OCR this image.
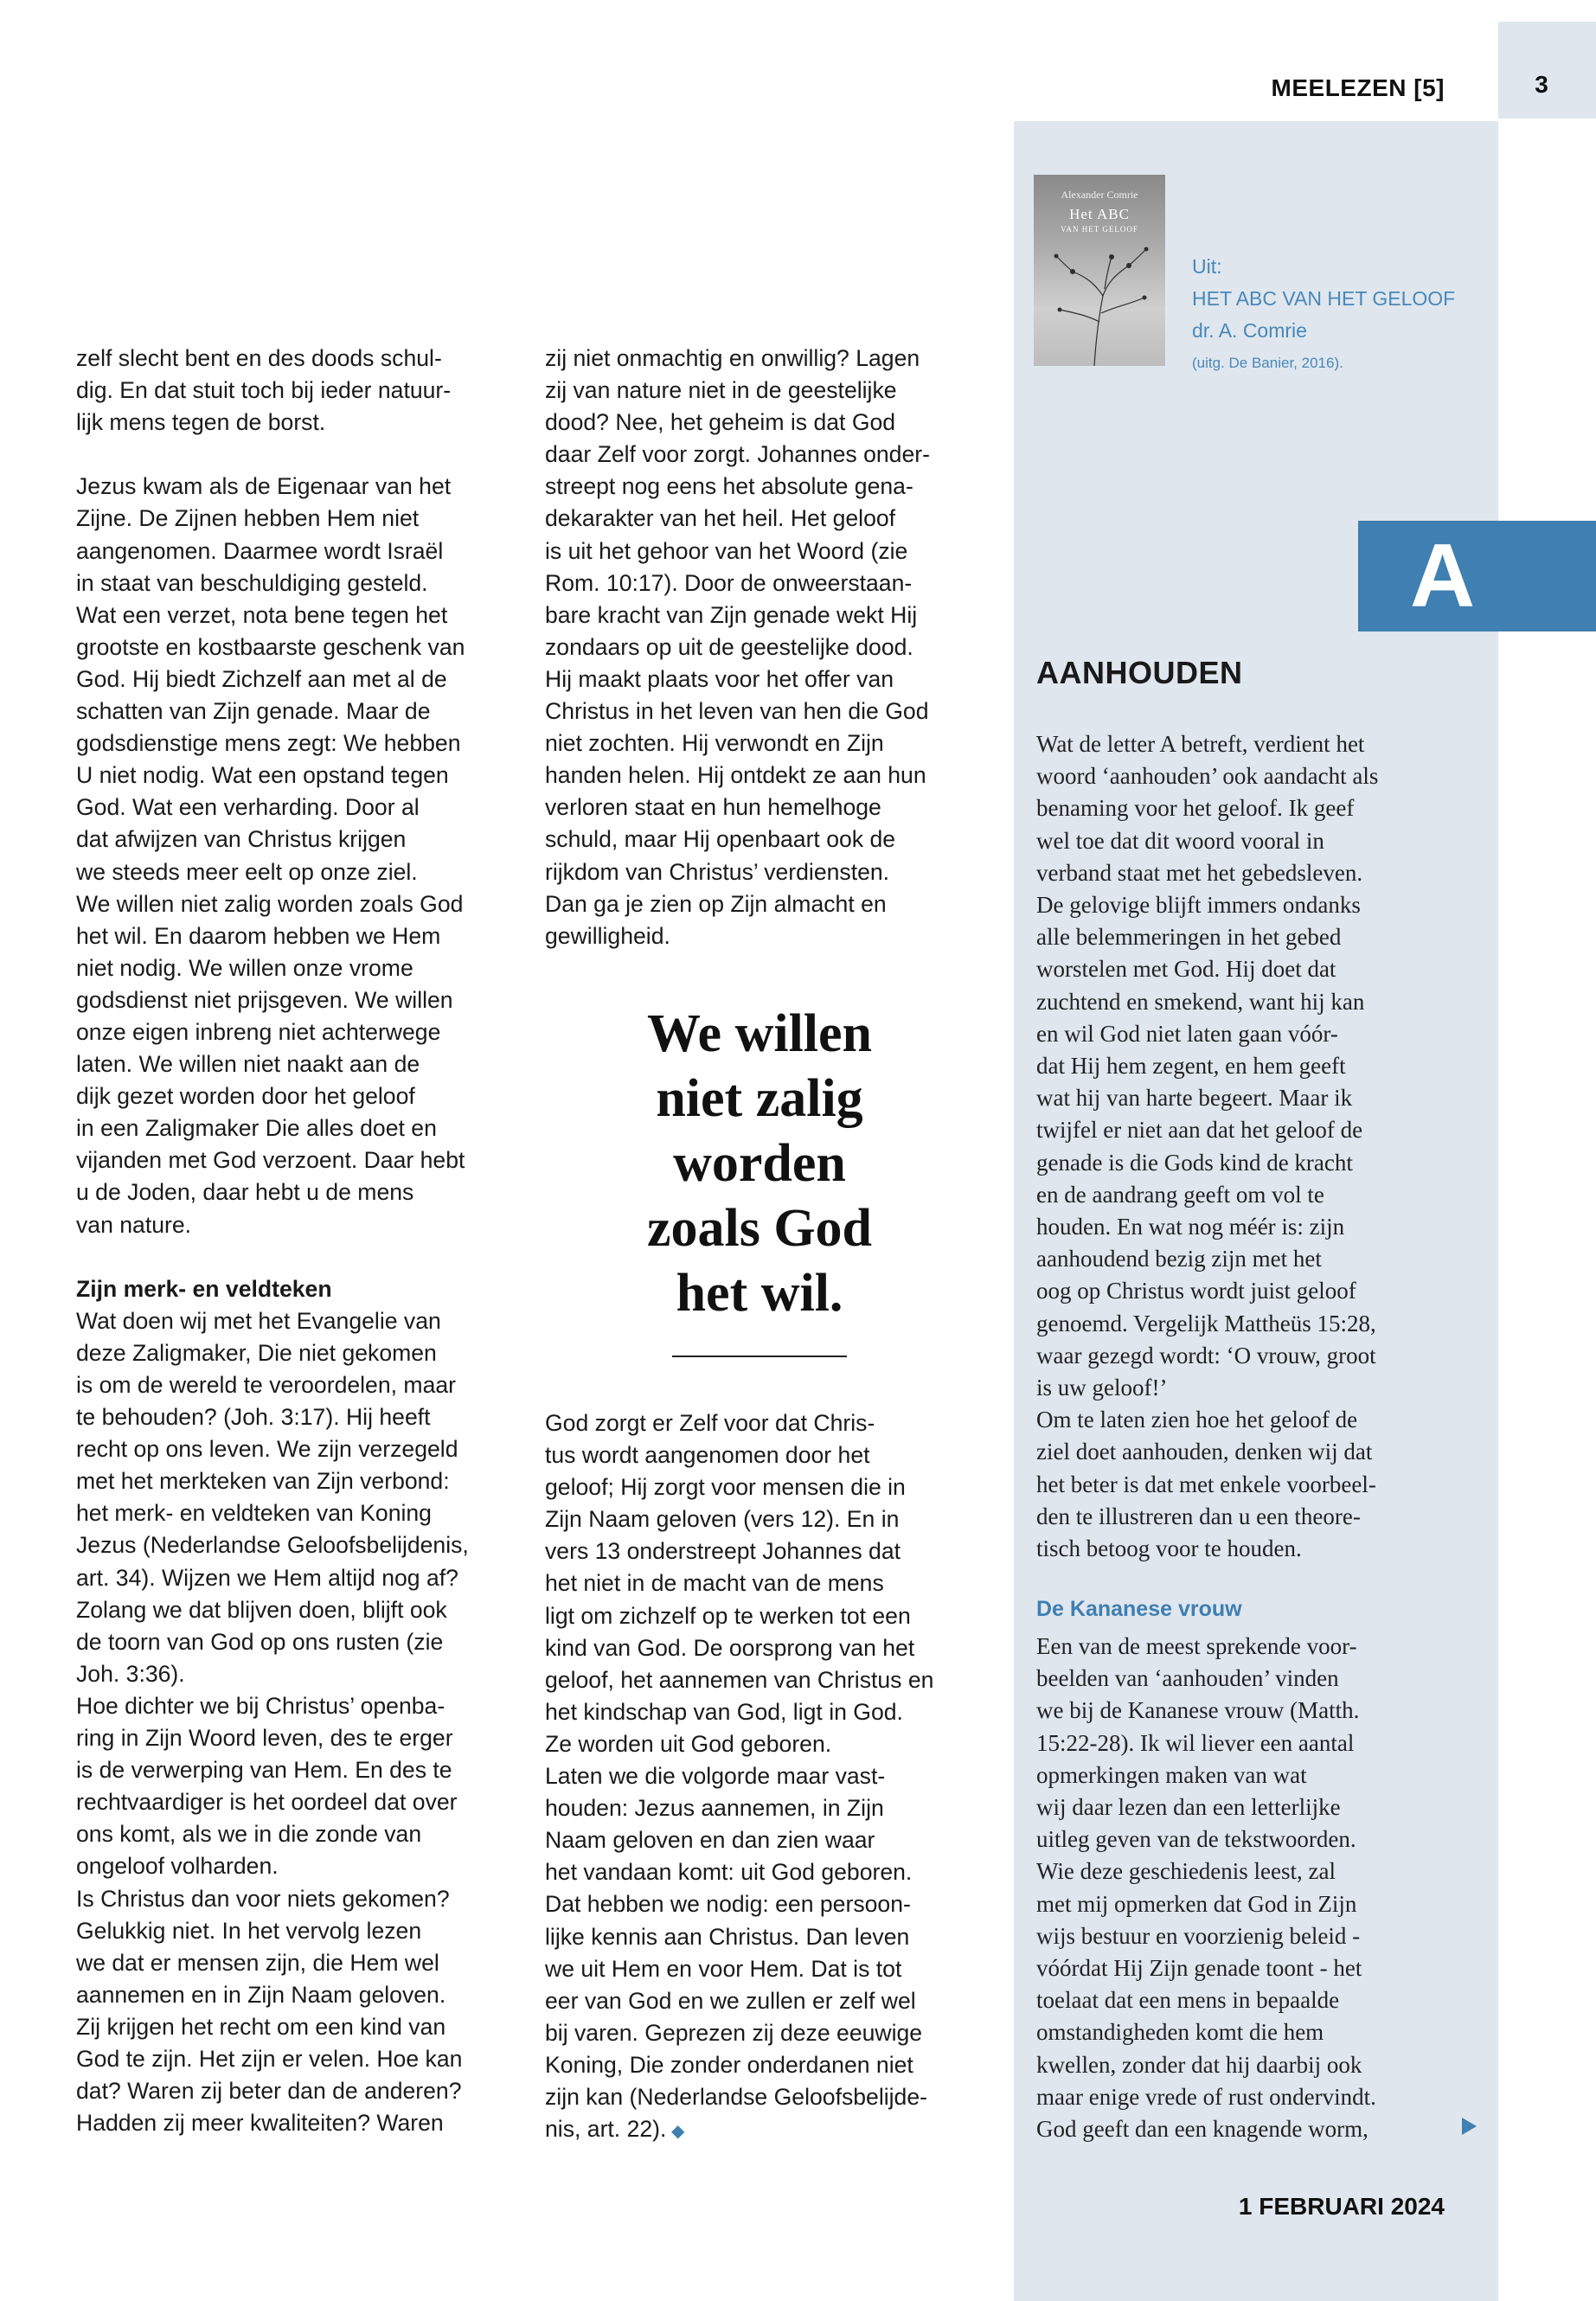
3
MEELEZEN [5]
Alexander Comrie
Het ABC
VAN HET GELOOF
Uit:
HET ABC VAN HET GELOOF
dr. A. Comrie
(uitg. De Banier, 2016).
A
AANHOUDEN
Wat de letter A betreft, verdient het
woord ‘aanhouden’ ook aandacht als
benaming voor het geloof. Ik geef
wel toe dat dit woord vooral in
verband staat met het gebedsleven.
De gelovige blijft immers ondanks
alle belemmeringen in het gebed
worstelen met God. Hij doet dat
zuchtend en smekend, want hij kan
en wil God niet laten gaan vóór-
dat Hij hem zegent, en hem geeft
wat hij van harte begeert. Maar ik
twijfel er niet aan dat het geloof de
genade is die Gods kind de kracht
en de aandrang geeft om vol te
houden. En wat nog méér is: zijn
aanhoudend bezig zijn met het
oog op Christus wordt juist geloof
genoemd. Vergelijk Mattheüs 15:28,
waar gezegd wordt: ‘O vrouw, groot
is uw geloof!’
Om te laten zien hoe het geloof de
ziel doet aanhouden, denken wij dat
het beter is dat met enkele voorbeel-
den te illustreren dan u een theore-
tisch betoog voor te houden.
De Kananese vrouw
Een van de meest sprekende voor-
beelden van ‘aanhouden’ vinden
we bij de Kananese vrouw (Matth.
15:22-28). Ik wil liever een aantal
opmerkingen maken van wat
wij daar lezen dan een letterlijke
uitleg geven van de tekstwoorden.
Wie deze geschiedenis leest, zal
met mij opmerken dat God in Zijn
wijs bestuur en voorzienig beleid -
vóórdat Hij Zijn genade toont - het
toelaat dat een mens in bepaalde
omstandigheden komt die hem
kwellen, zonder dat hij daarbij ook
maar enige vrede of rust ondervindt.
God geeft dan een knagende worm,
zelf slecht bent en des doods schul-
dig. En dat stuit toch bij ieder natuur-
lijk mens tegen de borst.
Jezus kwam als de Eigenaar van het
Zijne. De Zijnen hebben Hem niet
aangenomen. Daarmee wordt Israël
in staat van beschuldiging gesteld.
Wat een verzet, nota bene tegen het
grootste en kostbaarste geschenk van
God. Hij biedt Zichzelf aan met al de
schatten van Zijn genade. Maar de
godsdienstige mens zegt: We hebben
U niet nodig. Wat een opstand tegen
God. Wat een verharding. Door al
dat afwijzen van Christus krijgen
we steeds meer eelt op onze ziel.
We willen niet zalig worden zoals God
het wil. En daarom hebben we Hem
niet nodig. We willen onze vrome
godsdienst niet prijsgeven. We willen
onze eigen inbreng niet achterwege
laten. We willen niet naakt aan de
dijk gezet worden door het geloof
in een Zaligmaker Die alles doet en
vijanden met God verzoent. Daar hebt
u de Joden, daar hebt u de mens
van nature.
Zijn merk- en veldteken
Wat doen wij met het Evangelie van
deze Zaligmaker, Die niet gekomen
is om de wereld te veroordelen, maar
te behouden? (Joh. 3:17). Hij heeft
recht op ons leven. We zijn verzegeld
met het merkteken van Zijn verbond:
het merk- en veldteken van Koning
Jezus (Nederlandse Geloofsbelijdenis,
art. 34). Wijzen we Hem altijd nog af?
Zolang we dat blijven doen, blijft ook
de toorn van God op ons rusten (zie
Joh. 3:36).
Hoe dichter we bij Christus’ openba-
ring in Zijn Woord leven, des te erger
is de verwerping van Hem. En des te
rechtvaardiger is het oordeel dat over
ons komt, als we in die zonde van
ongeloof volharden.
Is Christus dan voor niets gekomen?
Gelukkig niet. In het vervolg lezen
we dat er mensen zijn, die Hem wel
aannemen en in Zijn Naam geloven.
Zij krijgen het recht om een kind van
God te zijn. Het zijn er velen. Hoe kan
dat? Waren zij beter dan de anderen?
Hadden zij meer kwaliteiten? Waren
zij niet onmachtig en onwillig? Lagen
zij van nature niet in de geestelijke
dood? Nee, het geheim is dat God
daar Zelf voor zorgt. Johannes onder-
streept nog eens het absolute gena-
dekarakter van het heil. Het geloof
is uit het gehoor van het Woord (zie
Rom. 10:17). Door de onweerstaan-
bare kracht van Zijn genade wekt Hij
zondaars op uit de geestelijke dood.
Hij maakt plaats voor het offer van
Christus in het leven van hen die God
niet zochten. Hij verwondt en Zijn
handen helen. Hij ontdekt ze aan hun
verloren staat en hun hemelhoge
schuld, maar Hij openbaart ook de
rijkdom van Christus’ verdiensten.
Dan ga je zien op Zijn almacht en
gewilligheid.
We willen
niet zalig
worden
zoals God
het wil.
God zorgt er Zelf voor dat Chris-
tus wordt aangenomen door het
geloof; Hij zorgt voor mensen die in
Zijn Naam geloven (vers 12). En in
vers 13 onderstreept Johannes dat
het niet in de macht van de mens
ligt om zichzelf op te werken tot een
kind van God. De oorsprong van het
geloof, het aannemen van Christus en
het kindschap van God, ligt in God.
Ze worden uit God geboren.
Laten we die volgorde maar vast-
houden: Jezus aannemen, in Zijn
Naam geloven en dan zien waar
het vandaan komt: uit God geboren.
Dat hebben we nodig: een persoon-
lijke kennis aan Christus. Dan leven
we uit Hem en voor Hem. Dat is tot
eer van God en we zullen er zelf wel
bij varen. Geprezen zij deze eeuwige
Koning, Die zonder onderdanen niet
zijn kan (Nederlandse Geloofsbelijde-
nis, art. 22). ◆
1 FEBRUARI 2024
